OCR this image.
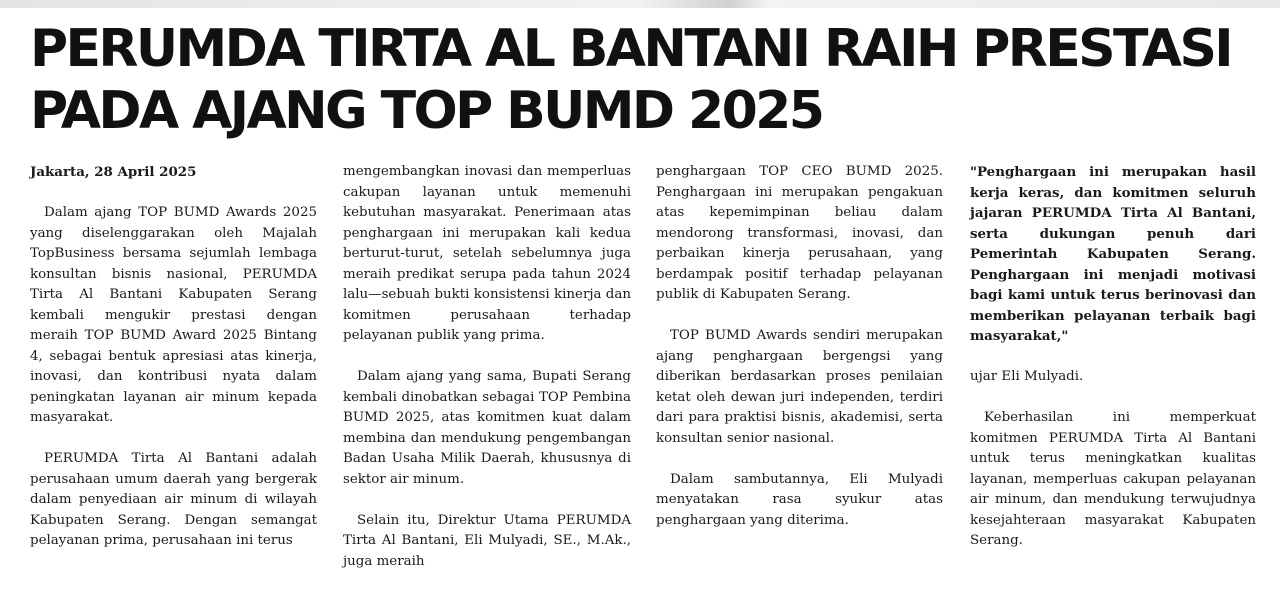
PERUMDA TIRTA AL BANTANI RAIH PRESTASI
PADA AJANG TOP BUMD 2025

Jakarta, 28 April 2025

Dalam ajang TOP BUMD Awards 2025 yang diselenggarakan oleh Majalah TopBusiness bersama sejumlah lembaga konsultan bisnis nasional, PERUMDA Tirta Al Bantani Kabupaten Serang kembali mengukir prestasi dengan meraih TOP BUMD Award 2025 Bintang 4, sebagai bentuk apresiasi atas kinerja, inovasi, dan kontribusi nyata dalam peningkatan layanan air minum kepada masyarakat.

PERUMDA Tirta Al Bantani adalah perusahaan umum daerah yang bergerak dalam penyediaan air minum di wilayah Kabupaten Serang. Dengan semangat pelayanan prima, perusahaan ini terus

mengembangkan inovasi dan memperluas cakupan layanan untuk memenuhi kebutuhan masyarakat. Penerimaan atas penghargaan ini merupakan kali kedua berturut-turut, setelah sebelumnya juga meraih predikat serupa pada tahun 2024 lalu—sebuah bukti konsistensi kinerja dan komitmen perusahaan terhadap pelayanan publik yang prima.

Dalam ajang yang sama, Bupati Serang kembali dinobatkan sebagai TOP Pembina BUMD 2025, atas komitmen kuat dalam membina dan mendukung pengembangan Badan Usaha Milik Daerah, khususnya di sektor air minum.

Selain itu, Direktur Utama PERUMDA Tirta Al Bantani, Eli Mulyadi, SE., M.Ak., juga meraih

penghargaan TOP CEO BUMD 2025. Penghargaan ini merupakan pengakuan atas kepemimpinan beliau dalam mendorong transformasi, inovasi, dan perbaikan kinerja perusahaan, yang berdampak positif terhadap pelayanan publik di Kabupaten Serang.

TOP BUMD Awards sendiri merupakan ajang penghargaan bergengsi yang diberikan berdasarkan proses penilaian ketat oleh dewan juri independen, terdiri dari para praktisi bisnis, akademisi, serta konsultan senior nasional.

Dalam sambutannya, Eli Mulyadi menyatakan rasa syukur atas penghargaan yang diterima.

"Penghargaan ini merupakan hasil kerja keras, dan komitmen seluruh jajaran PERUMDA Tirta Al Bantani, serta dukungan penuh dari Pemerintah Kabupaten Serang. Penghargaan ini menjadi motivasi bagi kami untuk terus berinovasi dan memberikan pelayanan terbaik bagi masyarakat,"

ujar Eli Mulyadi.

Keberhasilan ini memperkuat komitmen PERUMDA Tirta Al Bantani untuk terus meningkatkan kualitas layanan, memperluas cakupan pelayanan air minum, dan mendukung terwujudnya kesejahteraan masyarakat Kabupaten Serang.
